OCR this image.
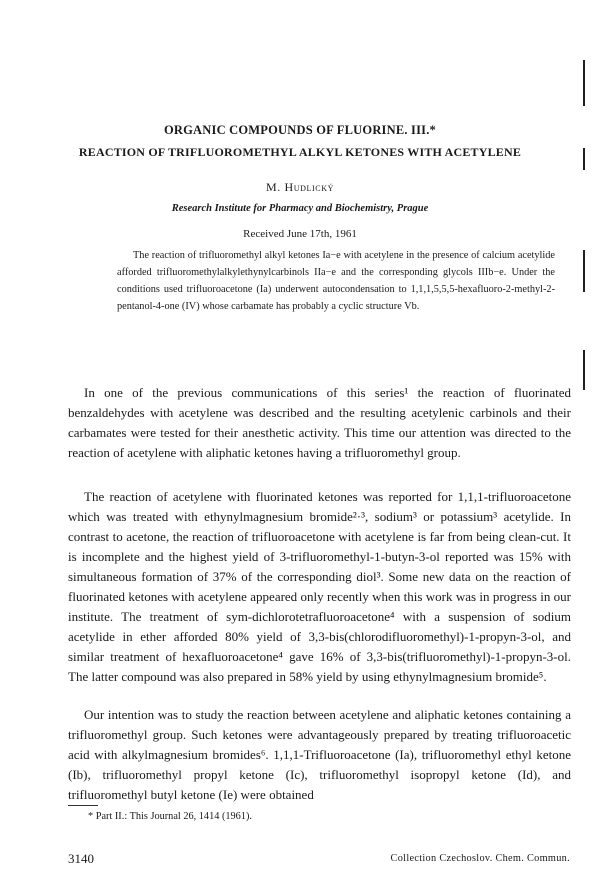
ORGANIC COMPOUNDS OF FLUORINE. III.*
REACTION OF TRIFLUOROMETHYL ALKYL KETONES WITH ACETYLENE
M. Hudlický
Research Institute for Pharmacy and Biochemistry, Prague
Received June 17th, 1961
The reaction of trifluoromethyl alkyl ketones Ia−e with acetylene in the presence of calcium acetylide afforded trifluoromethylalkylethynylcarbinols IIa−e and the corresponding glycols IIIb−e. Under the conditions used trifluoroacetone (Ia) underwent autocondensation to 1,1,1,5,5,5-hexafluoro-2-methyl-2-pentanol-4-one (IV) whose carbamate has probably a cyclic structure Vb.
In one of the previous communications of this series¹ the reaction of fluorinated benzaldehydes with acetylene was described and the resulting acetylenic carbinols and their carbamates were tested for their anesthetic activity. This time our attention was directed to the reaction of acetylene with aliphatic ketones having a trifluoromethyl group.
The reaction of acetylene with fluorinated ketones was reported for 1,1,1-trifluoroacetone which was treated with ethynylmagnesium bromide²·³, sodium³ or potassium³ acetylide. In contrast to acetone, the reaction of trifluoroacetone with acetylene is far from being clean-cut. It is incomplete and the highest yield of 3-trifluoromethyl-1-butyn-3-ol reported was 15% with simultaneous formation of 37% of the corresponding diol³. Some new data on the reaction of fluorinated ketones with acetylene appeared only recently when this work was in progress in our institute. The treatment of sym-dichlorotetrafluoroacetone⁴ with a suspension of sodium acetylide in ether afforded 80% yield of 3,3-bis(chlorodifluoromethyl)-1-propyn-3-ol, and similar treatment of hexafluoroacetone⁴ gave 16% of 3,3-bis(trifluoromethyl)-1-propyn-3-ol. The latter compound was also prepared in 58% yield by using ethynylmagnesium bromide⁵.
Our intention was to study the reaction between acetylene and aliphatic ketones containing a trifluoromethyl group. Such ketones were advantageously prepared by treating trifluoroacetic acid with alkylmagnesium bromides⁶. 1,1,1-Trifluoroacetone (Ia), trifluoromethyl ethyl ketone (Ib), trifluoromethyl propyl ketone (Ic), trifluoromethyl isopropyl ketone (Id), and trifluoromethyl butyl ketone (Ie) were obtained
* Part II.: This Journal 26, 1414 (1961).
3140	Collection Czechoslov. Chem. Commun.
